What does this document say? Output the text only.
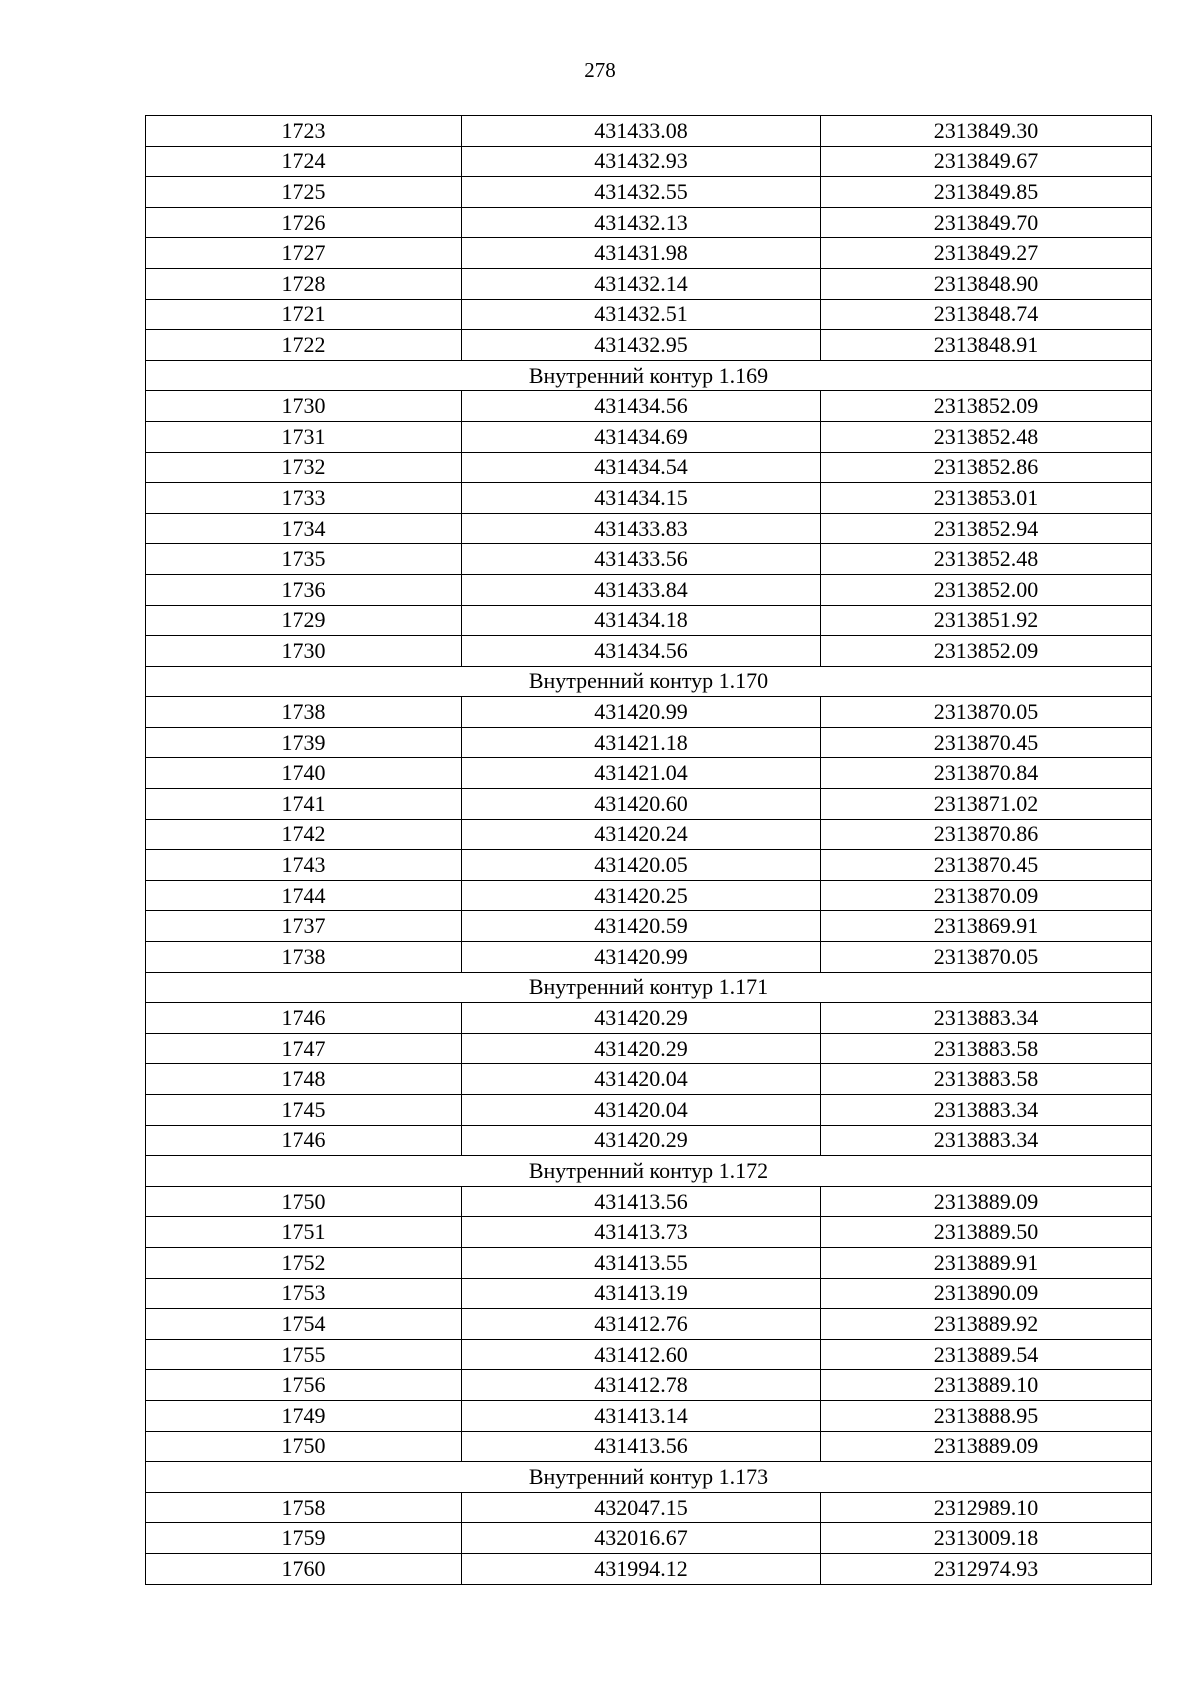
278
1723	431433.08	2313849.30
1724	431432.93	2313849.67
1725	431432.55	2313849.85
1726	431432.13	2313849.70
1727	431431.98	2313849.27
1728	431432.14	2313848.90
1721	431432.51	2313848.74
1722	431432.95	2313848.91
Внутренний контур 1.169		
1730	431434.56	2313852.09
1731	431434.69	2313852.48
1732	431434.54	2313852.86
1733	431434.15	2313853.01
1734	431433.83	2313852.94
1735	431433.56	2313852.48
1736	431433.84	2313852.00
1729	431434.18	2313851.92
1730	431434.56	2313852.09
Внутренний контур 1.170		
1738	431420.99	2313870.05
1739	431421.18	2313870.45
1740	431421.04	2313870.84
1741	431420.60	2313871.02
1742	431420.24	2313870.86
1743	431420.05	2313870.45
1744	431420.25	2313870.09
1737	431420.59	2313869.91
1738	431420.99	2313870.05
Внутренний контур 1.171		
1746	431420.29	2313883.34
1747	431420.29	2313883.58
1748	431420.04	2313883.58
1745	431420.04	2313883.34
1746	431420.29	2313883.34
Внутренний контур 1.172		
1750	431413.56	2313889.09
1751	431413.73	2313889.50
1752	431413.55	2313889.91
1753	431413.19	2313890.09
1754	431412.76	2313889.92
1755	431412.60	2313889.54
1756	431412.78	2313889.10
1749	431413.14	2313888.95
1750	431413.56	2313889.09
Внутренний контур 1.173		
1758	432047.15	2312989.10
1759	432016.67	2313009.18
1760	431994.12	2312974.93
